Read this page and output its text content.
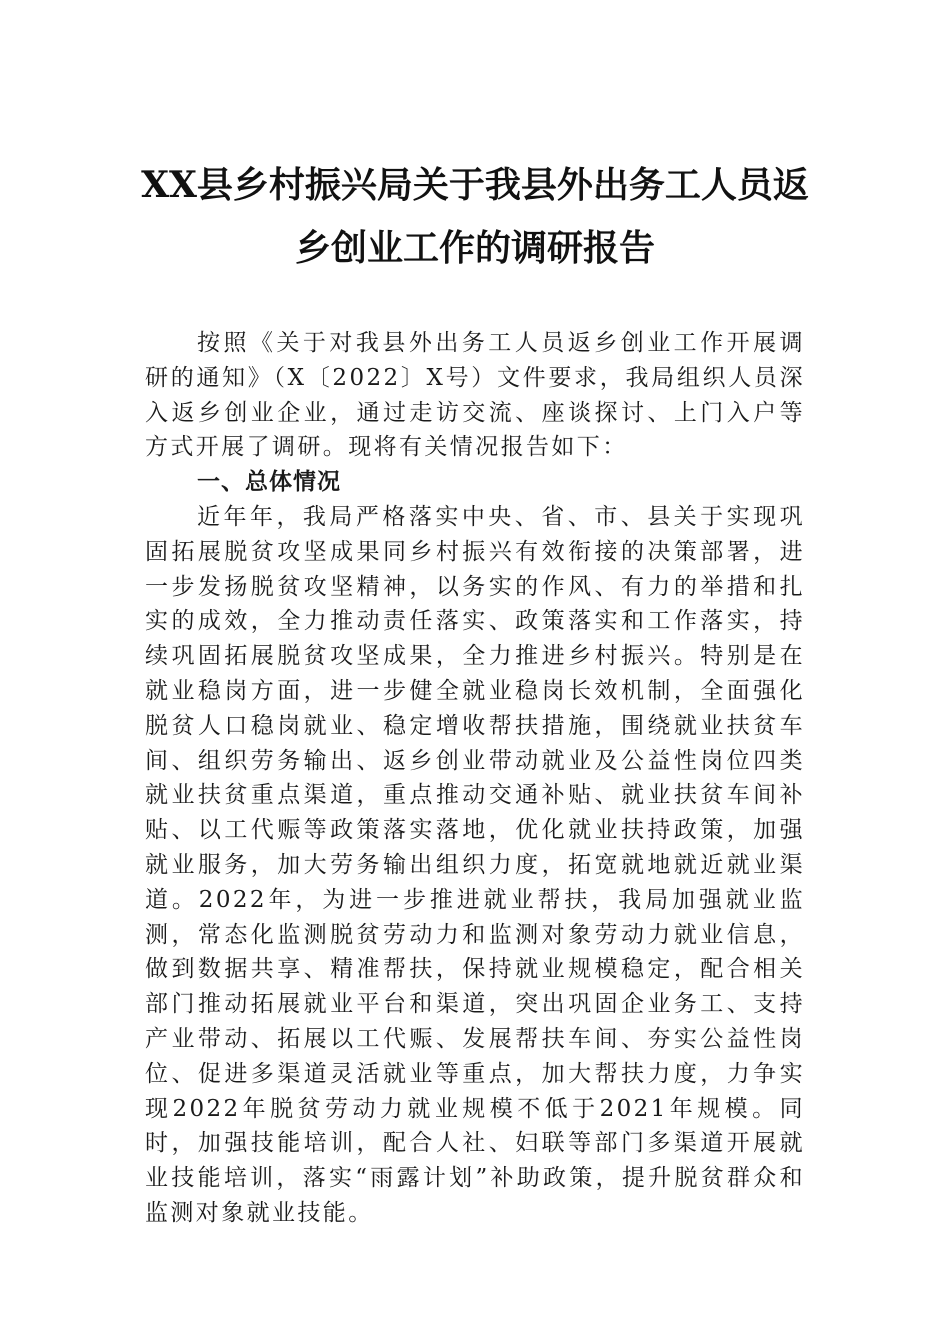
XX县乡村振兴局关于我县外出务工人员返
乡创业工作的调研报告

按照《关于对我县外出务工人员返乡创业工作开展调研的通知》（X〔2022〕X号）文件要求，我局组织人员深入返乡创业企业，通过走访交流、座谈探讨、上门入户等方式开展了调研。现将有关情况报告如下：

一、总体情况

近年年，我局严格落实中央、省、市、县关于实现巩固拓展脱贫攻坚成果同乡村振兴有效衔接的决策部署，进一步发扬脱贫攻坚精神，以务实的作风、有力的举措和扎实的成效，全力推动责任落实、政策落实和工作落实，持续巩固拓展脱贫攻坚成果，全力推进乡村振兴。特别是在就业稳岗方面，进一步健全就业稳岗长效机制，全面强化脱贫人口稳岗就业、稳定增收帮扶措施，围绕就业扶贫车间、组织劳务输出、返乡创业带动就业及公益性岗位四类就业扶贫重点渠道，重点推动交通补贴、就业扶贫车间补贴、以工代赈等政策落实落地，优化就业扶持政策，加强就业服务，加大劳务输出组织力度，拓宽就地就近就业渠道。2022年，为进一步推进就业帮扶，我局加强就业监测，常态化监测脱贫劳动力和监测对象劳动力就业信息，做到数据共享、精准帮扶，保持就业规模稳定，配合相关部门推动拓展就业平台和渠道，突出巩固企业务工、支持产业带动、拓展以工代赈、发展帮扶车间、夯实公益性岗位、促进多渠道灵活就业等重点，加大帮扶力度，力争实现2022年脱贫劳动力就业规模不低于2021年规模。同时，加强技能培训，配合人社、妇联等部门多渠道开展就业技能培训，落实“雨露计划”补助政策，提升脱贫群众和监测对象就业技能。
